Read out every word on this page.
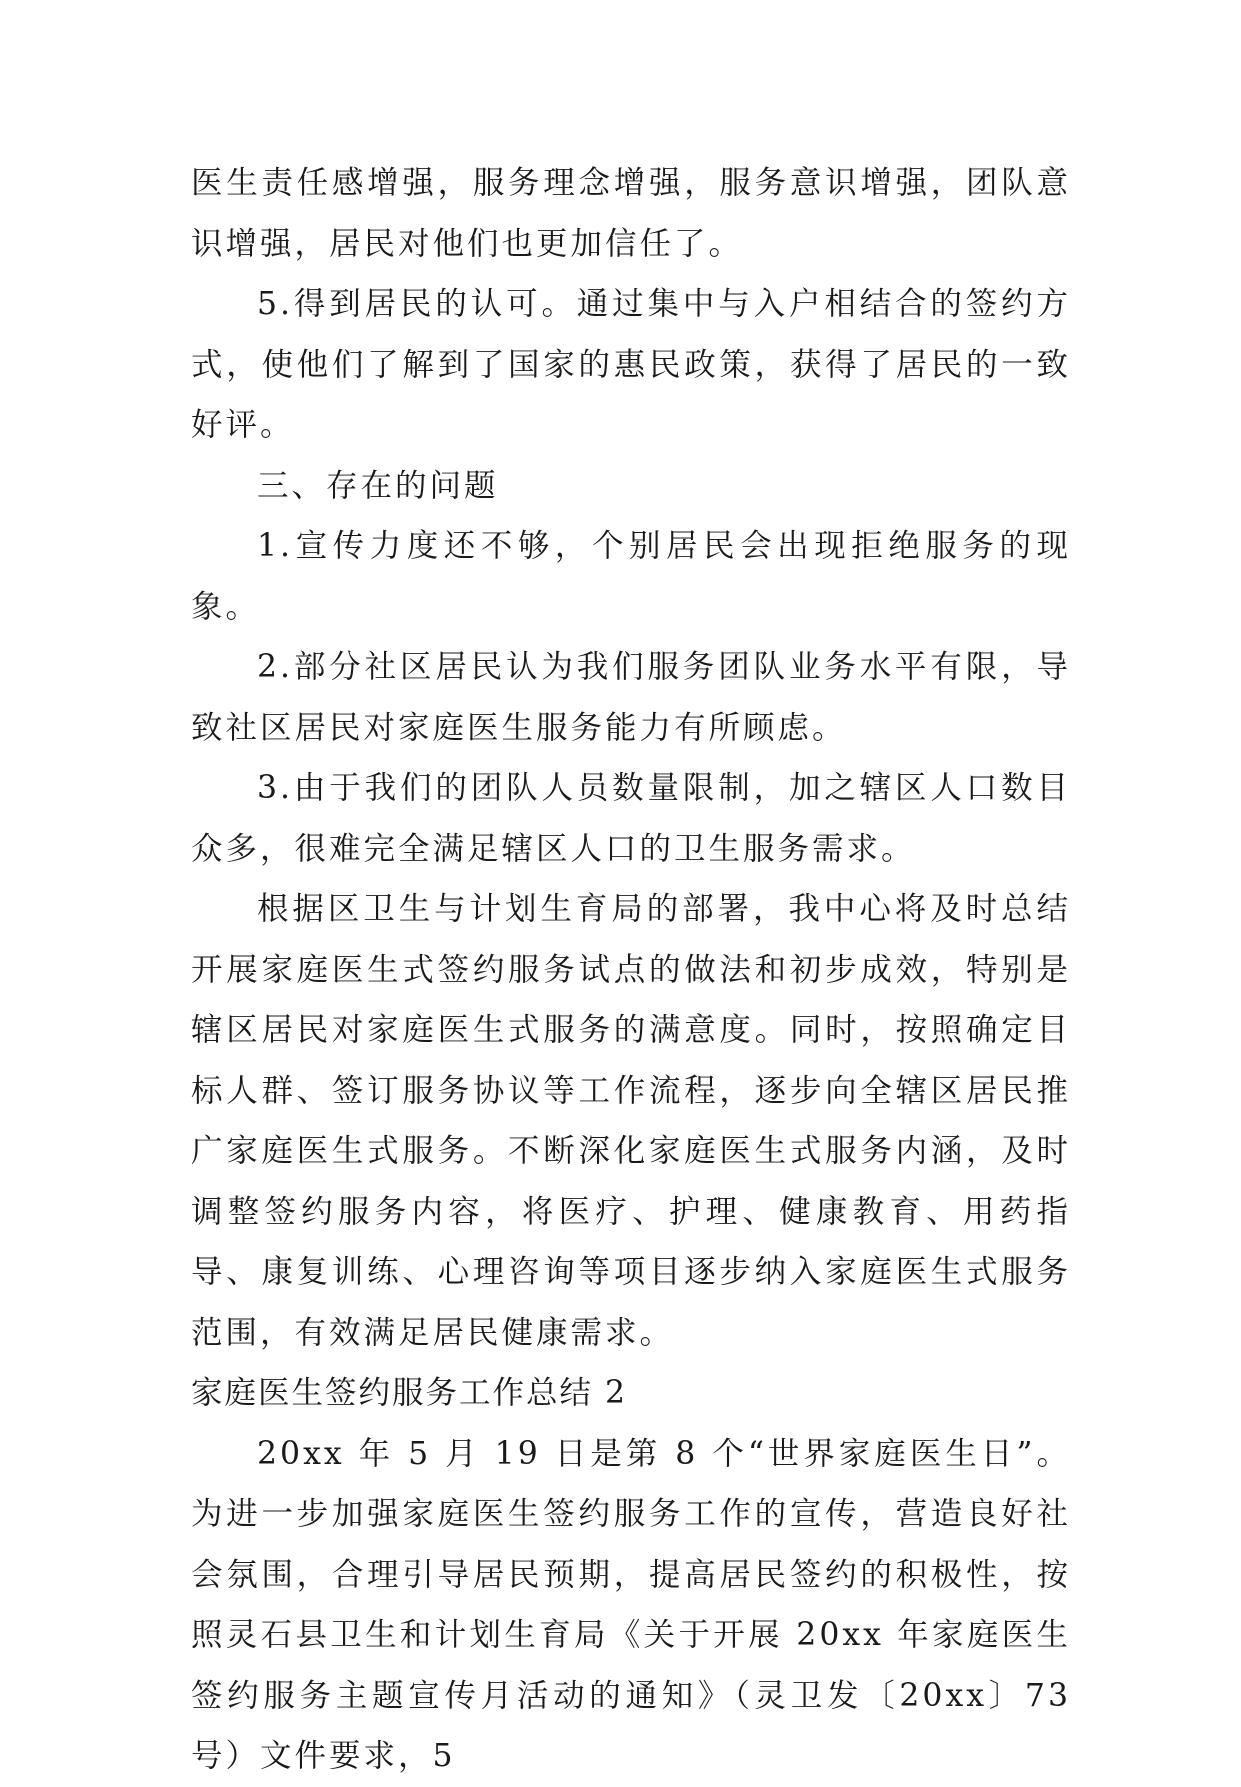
医生责任感增强，服务理念增强，服务意识增强，团队意识增强，居民对他们也更加信任了。

5.得到居民的认可。通过集中与入户相结合的签约方式，使他们了解到了国家的惠民政策，获得了居民的一致好评。

三、存在的问题

1.宣传力度还不够，个别居民会出现拒绝服务的现象。

2.部分社区居民认为我们服务团队业务水平有限，导致社区居民对家庭医生服务能力有所顾虑。

3.由于我们的团队人员数量限制，加之辖区人口数目众多，很难完全满足辖区人口的卫生服务需求。

根据区卫生与计划生育局的部署，我中心将及时总结开展家庭医生式签约服务试点的做法和初步成效，特别是辖区居民对家庭医生式服务的满意度。同时，按照确定目标人群、签订服务协议等工作流程，逐步向全辖区居民推广家庭医生式服务。不断深化家庭医生式服务内涵，及时调整签约服务内容，将医疗、护理、健康教育、用药指导、康复训练、心理咨询等项目逐步纳入家庭医生式服务范围，有效满足居民健康需求。

家庭医生签约服务工作总结 2

20xx 年 5 月 19 日是第 8 个“世界家庭医生日”。为进一步加强家庭医生签约服务工作的宣传，营造良好社会氛围，合理引导居民预期，提高居民签约的积极性，按照灵石县卫生和计划生育局《关于开展 20xx 年家庭医生签约服务主题宣传月活动的通知》（灵卫发〔20xx〕73 号）文件要求，5
